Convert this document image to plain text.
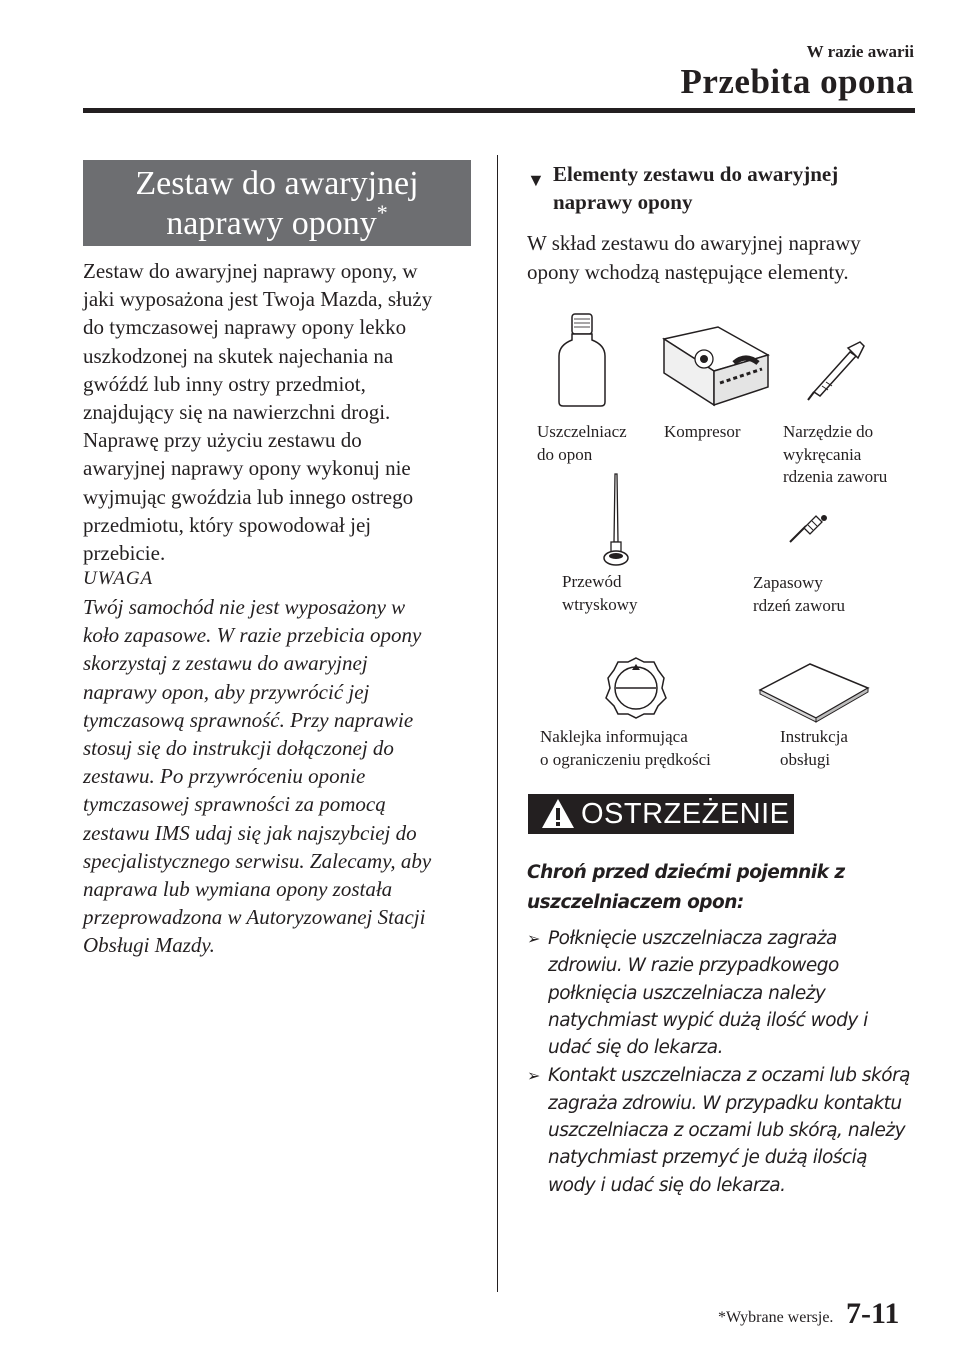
W razie awarii
Przebita opona
Zestaw do awaryjnej
naprawy opony*
Zestaw do awaryjnej naprawy opony, w
jaki wyposażona jest Twoja Mazda, służy
do tymczasowej naprawy opony lekko
uszkodzonej na skutek najechania na
gwóźdź lub inny ostry przedmiot,
znajdujący się na nawierzchni drogi.
Naprawę przy użyciu zestawu do
awaryjnej naprawy opony wykonuj nie
wyjmując gwoździa lub innego ostrego
przedmiotu, który spowodował jej
przebicie.
UWAGA
Twój samochód nie jest wyposażony w
koło zapasowe. W razie przebicia opony
skorzystaj z zestawu do awaryjnej
naprawy opon, aby przywrócić jej
tymczasową sprawność. Przy naprawie
stosuj się do instrukcji dołączonej do
zestawu. Po przywróceniu oponie
tymczasowej sprawności za pomocą
zestawu IMS udaj się jak najszybciej do
specjalistycznego serwisu. Zalecamy, aby
naprawa lub wymiana opony została
przeprowadzona w Autoryzowanej Stacji
Obsługi Mazdy.
▼ Elementy zestawu do awaryjnej
naprawy opony
W skład zestawu do awaryjnej naprawy
opony wchodzą następujące elementy.
Uszczelniacz
do opon
Kompresor	Narzędzie do
wykręcania
rdzenia zaworu
Przewód
wtryskowy
Zapasowy
rdzeń zaworu
Naklejka informująca
o ograniczeniu prędkości
Instrukcja
obsługi
OSTRZEŻENIE
Chroń przed dziećmi pojemnik z
uszczelniaczem opon:
➢ Połknięcie uszczelniacza zagraża
zdrowiu. W razie przypadkowego
połknięcia uszczelniacza należy
natychmiast wypić dużą ilość wody i
udać się do lekarza.
➢ Kontakt uszczelniacza z oczami lub skórą
zagraża zdrowiu. W przypadku kontaktu
uszczelniacza z oczami lub skórą, należy
natychmiast przemyć je dużą ilością
wody i udać się do lekarza.
*Wybrane wersje. 7-11
